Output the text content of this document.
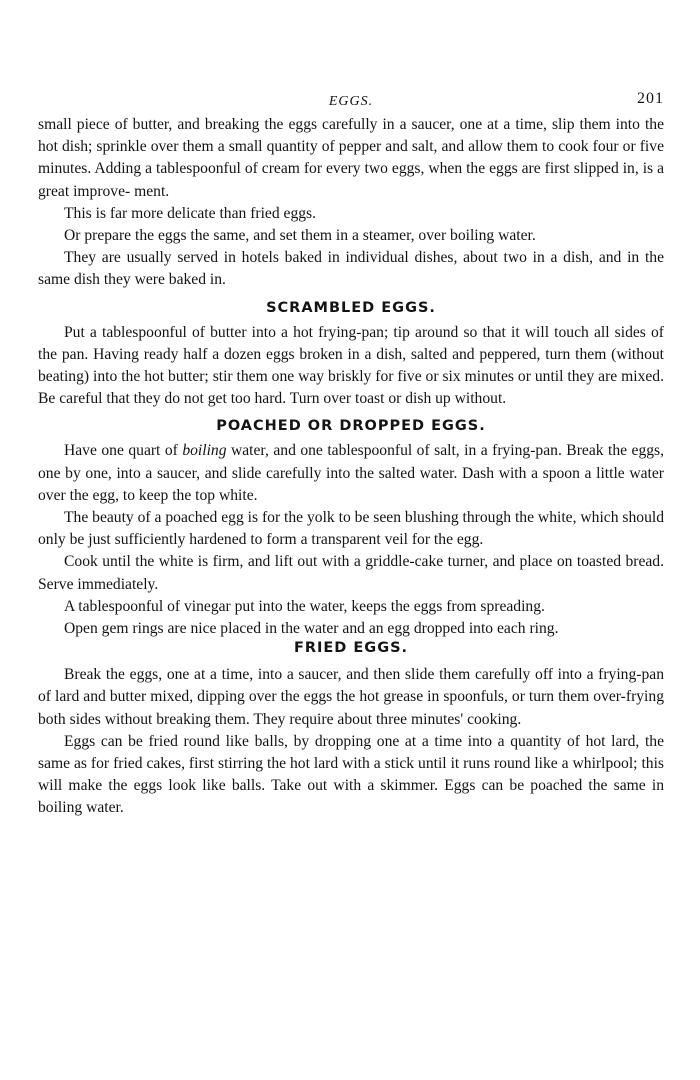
EGGS.	201

small piece of butter, and breaking the eggs carefully in a saucer, one at a time, slip them into the hot dish; sprinkle over them a small quantity of pepper and salt, and allow them to cook four or five minutes. Adding a tablespoonful of cream for every two eggs, when the eggs are first slipped in, is a great improve- ment.

This is far more delicate than fried eggs.

Or prepare the eggs the same, and set them in a steamer, over boiling water.

They are usually served in hotels baked in individual dishes, about two in a dish, and in the same dish they were baked in.

SCRAMBLED EGGS.

Put a tablespoonful of butter into a hot frying-pan; tip around so that it will touch all sides of the pan. Having ready half a dozen eggs broken in a dish, salted and peppered, turn them (without beating) into the hot butter; stir them one way briskly for five or six minutes or until they are mixed. Be careful that they do not get too hard. Turn over toast or dish up without.

POACHED OR DROPPED EGGS.

Have one quart of boiling water, and one tablespoonful of salt, in a frying-pan. Break the eggs, one by one, into a saucer, and slide carefully into the salted water. Dash with a spoon a little water over the egg, to keep the top white.

The beauty of a poached egg is for the yolk to be seen blushing through the white, which should only be just sufficiently hardened to form a transparent veil for the egg.

Cook until the white is firm, and lift out with a griddle-cake turner, and place on toasted bread. Serve immediately.

A tablespoonful of vinegar put into the water, keeps the eggs from spreading.

Open gem rings are nice placed in the water and an egg dropped into each ring.

FRIED EGGS.

Break the eggs, one at a time, into a saucer, and then slide them carefully off into a frying-pan of lard and butter mixed, dipping over the eggs the hot grease in spoonfuls, or turn them over-frying both sides without breaking them. They require about three minutes' cooking.

Eggs can be fried round like balls, by dropping one at a time into a quantity of hot lard, the same as for fried cakes, first stirring the hot lard with a stick until it runs round like a whirlpool; this will make the eggs look like balls. Take out with a skimmer. Eggs can be poached the same in boiling water.
